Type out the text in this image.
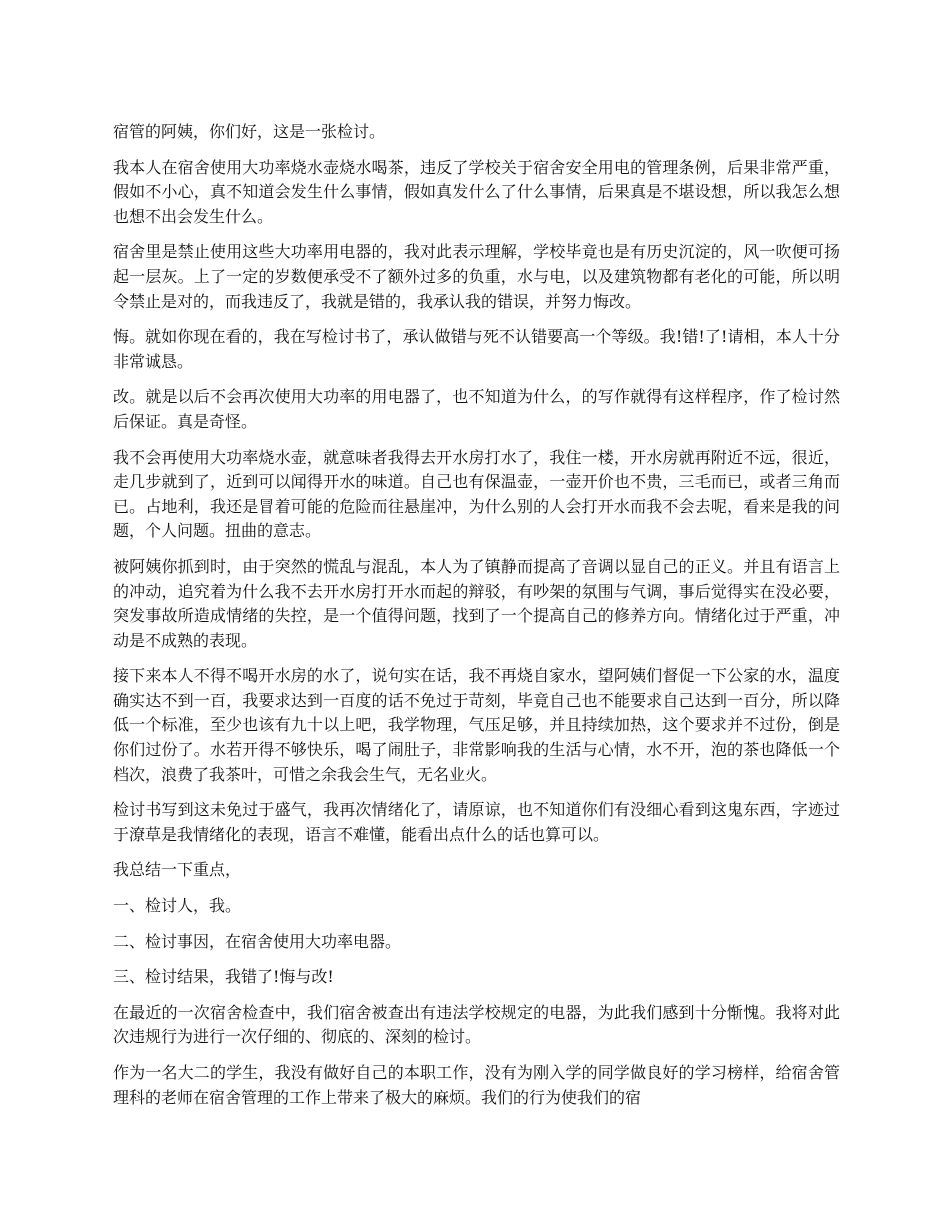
宿管的阿姨，你们好，这是一张检讨。

我本人在宿舍使用大功率烧水壶烧水喝茶，违反了学校关于宿舍安全用电的管理条例，后果非常严重，假如不小心，真不知道会发生什么事情，假如真发什么了什么事情，后果真是不堪设想，所以我怎么想也想不出会发生什么。

宿舍里是禁止使用这些大功率用电器的，我对此表示理解，学校毕竟也是有历史沉淀的，风一吹便可扬起一层灰。上了一定的岁数便承受不了额外过多的负重，水与电，以及建筑物都有老化的可能，所以明令禁止是对的，而我违反了，我就是错的，我承认我的错误，并努力悔改。

悔。就如你现在看的，我在写检讨书了，承认做错与死不认错要高一个等级。我!错!了!请相，本人十分非常诚恳。

改。就是以后不会再次使用大功率的用电器了，也不知道为什么，的写作就得有这样程序，作了检讨然后保证。真是奇怪。

我不会再使用大功率烧水壶，就意味者我得去开水房打水了，我住一楼，开水房就再附近不远，很近，走几步就到了，近到可以闻得开水的味道。自己也有保温壶，一壶开价也不贵，三毛而已，或者三角而已。占地利，我还是冒着可能的危险而往悬崖冲，为什么别的人会打开水而我不会去呢，看来是我的问题，个人问题。扭曲的意志。

被阿姨你抓到时，由于突然的慌乱与混乱，本人为了镇静而提高了音调以显自己的正义。并且有语言上的冲动，追究着为什么我不去开水房打开水而起的辩驳，有吵架的氛围与气调，事后觉得实在没必要，突发事故所造成情绪的失控，是一个值得问题，找到了一个提高自己的修养方向。情绪化过于严重，冲动是不成熟的表现。

接下来本人不得不喝开水房的水了，说句实在话，我不再烧自家水，望阿姨们督促一下公家的水，温度确实达不到一百，我要求达到一百度的话不免过于苛刻，毕竟自己也不能要求自己达到一百分，所以降低一个标准，至少也该有九十以上吧，我学物理，气压足够，并且持续加热，这个要求并不过份，倒是你们过份了。水若开得不够快乐，喝了闹肚子，非常影响我的生活与心情，水不开，泡的茶也降低一个档次，浪费了我茶叶，可惜之余我会生气，无名业火。

检讨书写到这未免过于盛气，我再次情绪化了，请原谅，也不知道你们有没细心看到这鬼东西，字迹过于潦草是我情绪化的表现，语言不难懂，能看出点什么的话也算可以。

我总结一下重点，

一、检讨人，我。

二、检讨事因，在宿舍使用大功率电器。

三、检讨结果，我错了!悔与改!

在最近的一次宿舍检查中，我们宿舍被查出有违法学校规定的电器，为此我们感到十分惭愧。我将对此次违规行为进行一次仔细的、彻底的、深刻的检讨。

作为一名大二的学生，我没有做好自己的本职工作，没有为刚入学的同学做良好的学习榜样，给宿舍管理科的老师在宿舍管理的工作上带来了极大的麻烦。我们的行为使我们的宿
